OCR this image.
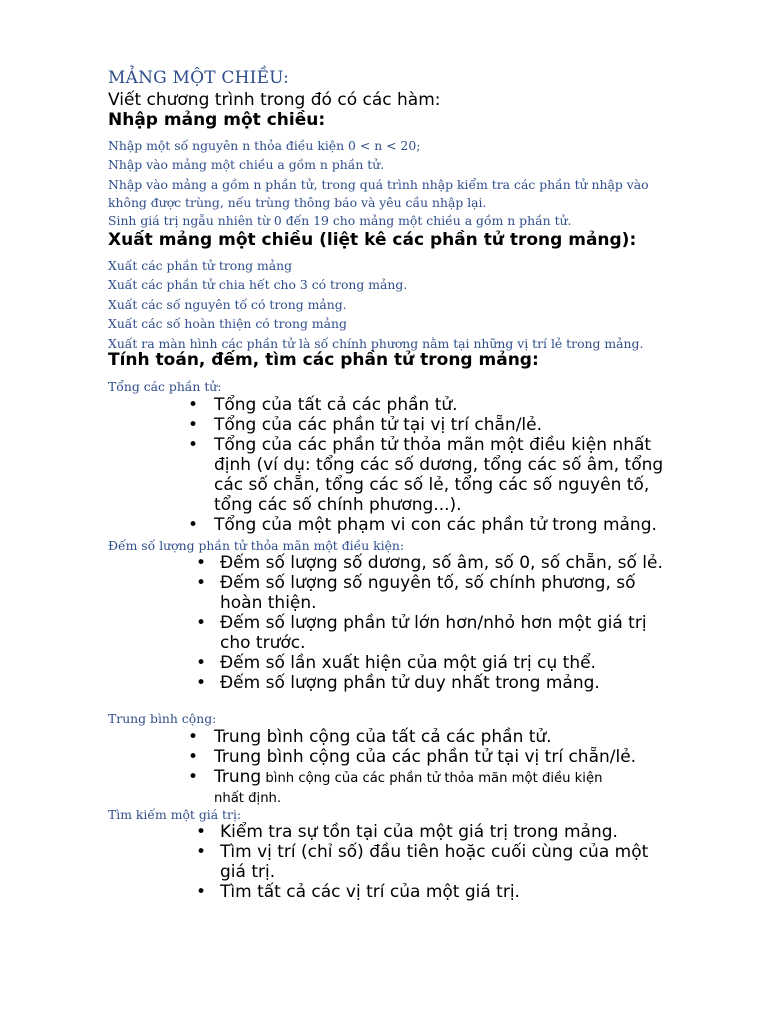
MẢNG MỘT CHIỀU:
Viết chương trình trong đó có các hàm:
Nhập mảng một chiều:
Nhập một số nguyên n thỏa điều kiện 0 < n < 20;
Nhập vào mảng một chiều a gồm n phần tử.
Nhập vào mảng a gồm n phần tử, trong quá trình nhập kiểm tra các phần tử nhập vào
không được trùng, nếu trùng thông báo và yêu cầu nhập lại.
Sinh giá trị ngẫu nhiên từ 0 đến 19 cho mảng một chiều a gồm n phần tử.
Xuất mảng một chiều (liệt kê các phần tử trong mảng):
Xuất các phần tử trong mảng
Xuất các phần tử chia hết cho 3 có trong mảng.
Xuất các số nguyên tố có trong mảng.
Xuất các số hoàn thiện có trong mảng
Xuất ra màn hình các phần tử là số chính phương nằm tại những vị trí lẻ trong mảng.
Tính toán, đếm, tìm các phần tử trong mảng:
Tổng các phần tử:
• Tổng của tất cả các phần tử.
• Tổng của các phần tử tại vị trí chẵn/lẻ.
• Tổng của các phần tử thỏa mãn một điều kiện nhất
định (ví dụ: tổng các số dương, tổng các số âm, tổng
các số chẵn, tổng các số lẻ, tổng các số nguyên tố,
tổng các số chính phương...).
• Tổng của một phạm vi con các phần tử trong mảng.
Đếm số lượng phần tử thỏa mãn một điều kiện:
• Đếm số lượng số dương, số âm, số 0, số chẵn, số lẻ.
• Đếm số lượng số nguyên tố, số chính phương, số
hoàn thiện.
• Đếm số lượng phần tử lớn hơn/nhỏ hơn một giá trị
cho trước.
• Đếm số lần xuất hiện của một giá trị cụ thể.
• Đếm số lượng phần tử duy nhất trong mảng.
Trung bình cộng:
• Trung bình cộng của tất cả các phần tử.
• Trung bình cộng của các phần tử tại vị trí chẵn/lẻ.
• Trung bình cộng của các phần tử thỏa mãn một điều kiện
nhất định.
Tìm kiếm một giá trị:
• Kiểm tra sự tồn tại của một giá trị trong mảng.
• Tìm vị trí (chỉ số) đầu tiên hoặc cuối cùng của một
giá trị.
• Tìm tất cả các vị trí của một giá trị.
